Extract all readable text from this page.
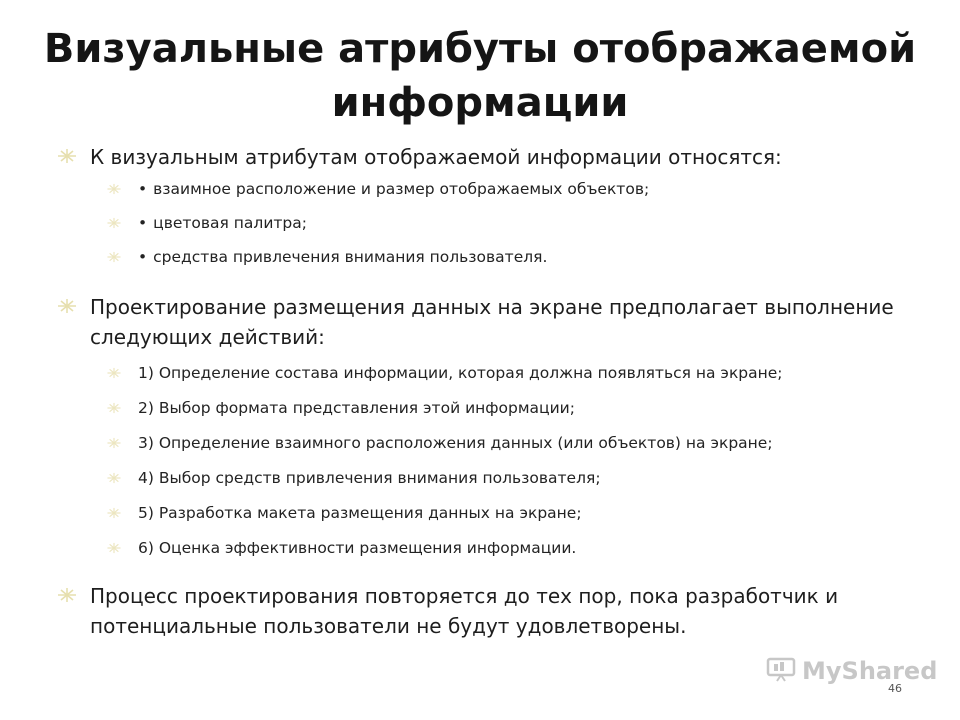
Визуальные атрибуты отображаемой информации
К визуальным атрибутам отображаемой информации относятся:
• взаимное расположение и размер отображаемых объектов;
• цветовая палитра;
• средства привлечения внимания пользователя.
Проектирование размещения данных на экране предполагает выполнение следующих действий:
1) Определение состава информации, которая должна появляться на экране;
2) Выбор формата представления этой информации;
3) Определение взаимного расположения данных (или объектов) на экране;
4) Выбор средств привлечения внимания пользователя;
5) Разработка макета размещения данных на экране;
6) Оценка эффективности размещения информации.
Процесс проектирования повторяется до тех пор, пока разработчик и потенциальные пользователи не будут удовлетворены.
MyShared
46
